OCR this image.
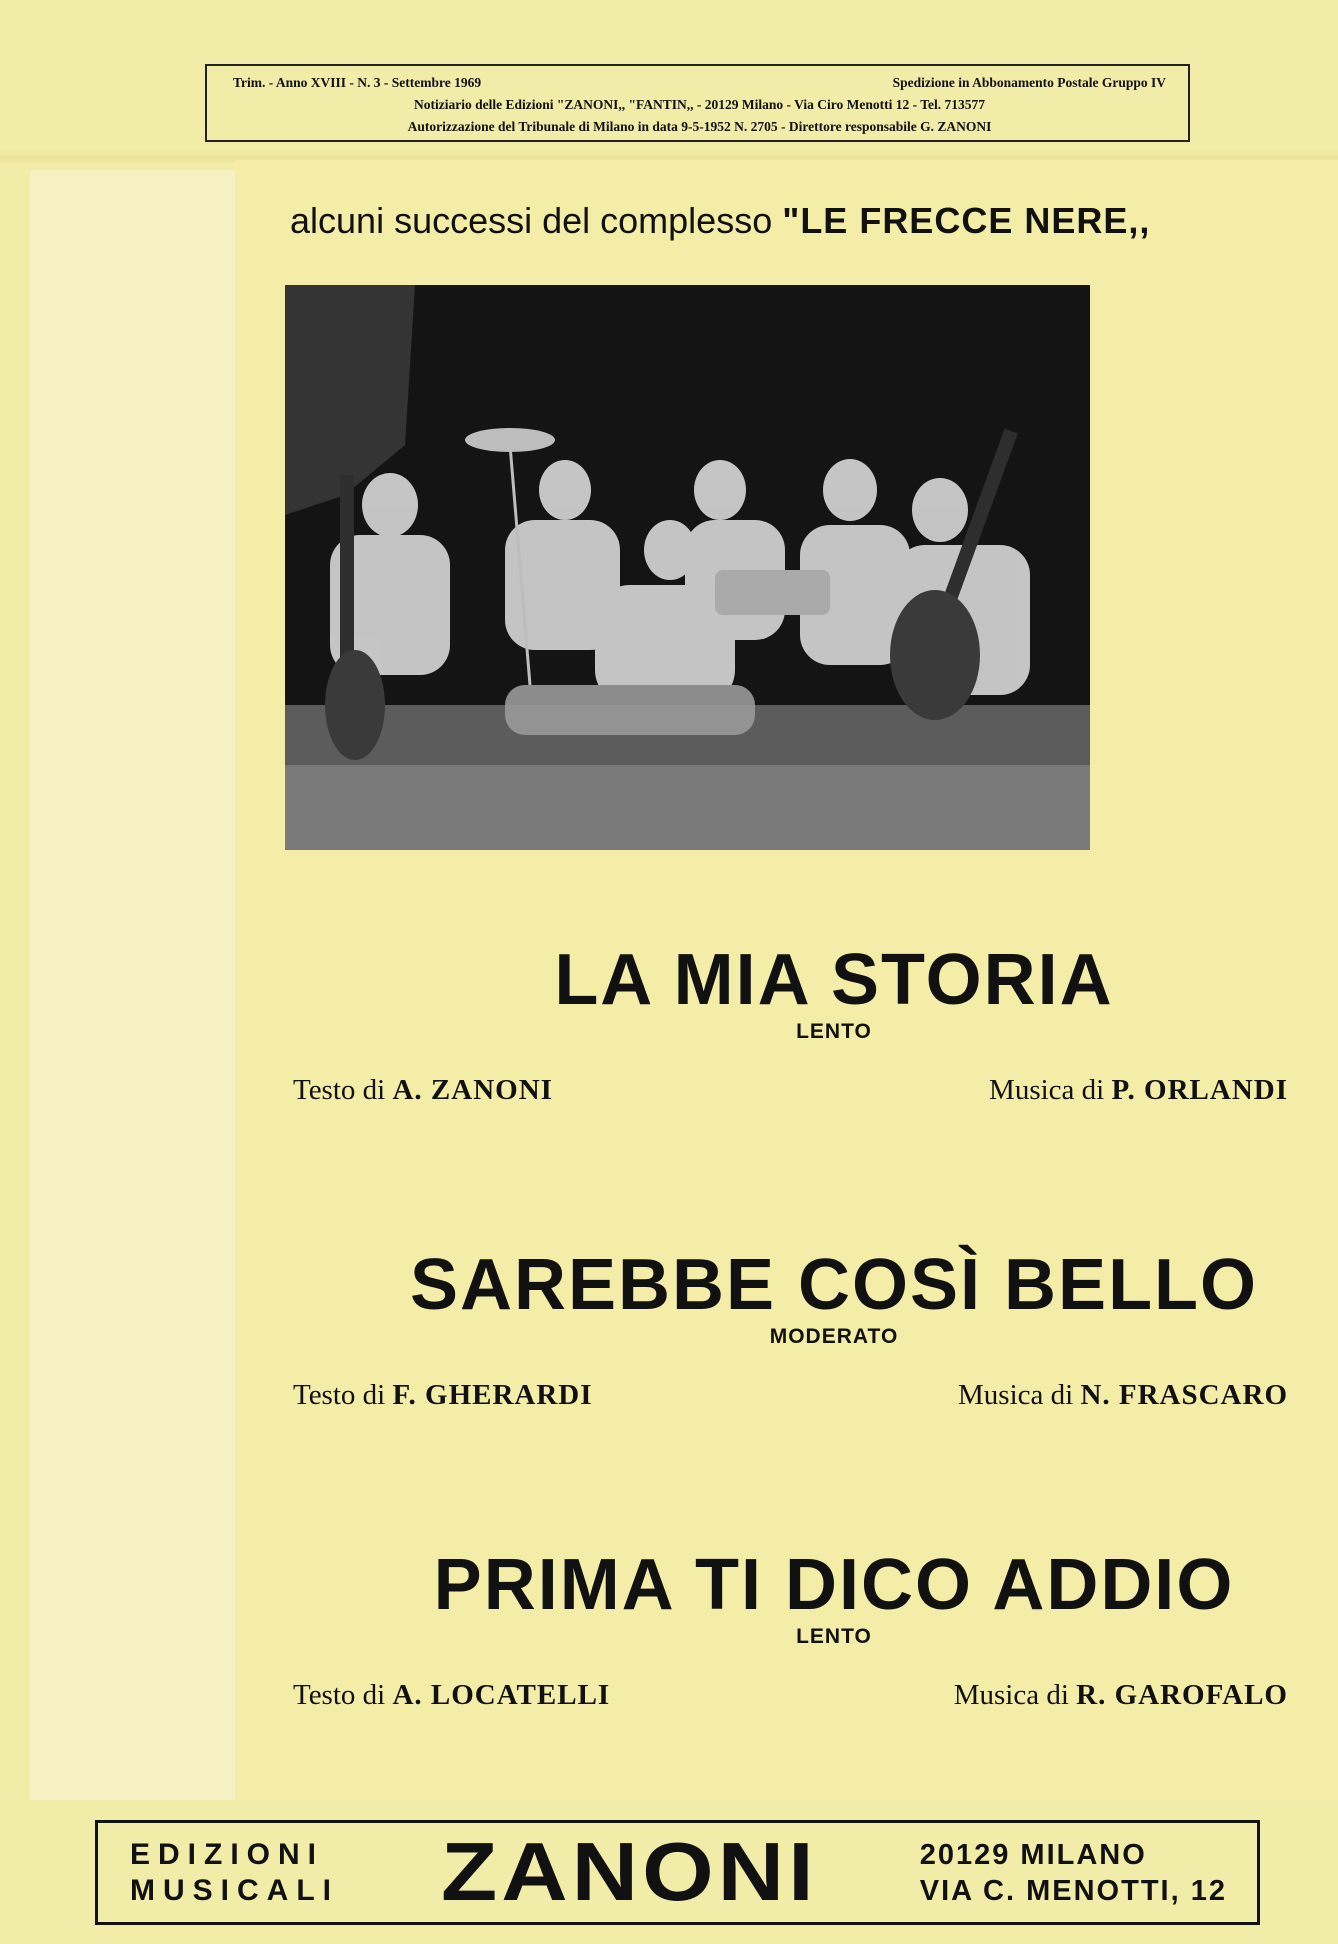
Trim. - Anno XVIII - N. 3 - Settembre 1969	Spedizione in Abbonamento Postale Gruppo IV
Notiziario delle Edizioni "ZANONI,, "FANTIN,, - 20129 Milano - Via Ciro Menotti 12 - Tel. 713577
Autorizzazione del Tribunale di Milano in data 9-5-1952 N. 2705 - Direttore responsabile G. ZANONI
alcuni successi del complesso "LE FRECCE NERE,,
LA MIA STORIA
LENTO
Testo di A. ZANONI	Musica di P. ORLANDI
SAREBBE COSÌ BELLO
MODERATO
Testo di F. GHERARDI	Musica di N. FRASCARO
PRIMA TI DICO ADDIO
LENTO
Testo di A. LOCATELLI	Musica di R. GAROFALO
EDIZIONI
MUSICALI ZANONI	20129 MILANO
VIA C. MENOTTI, 12
